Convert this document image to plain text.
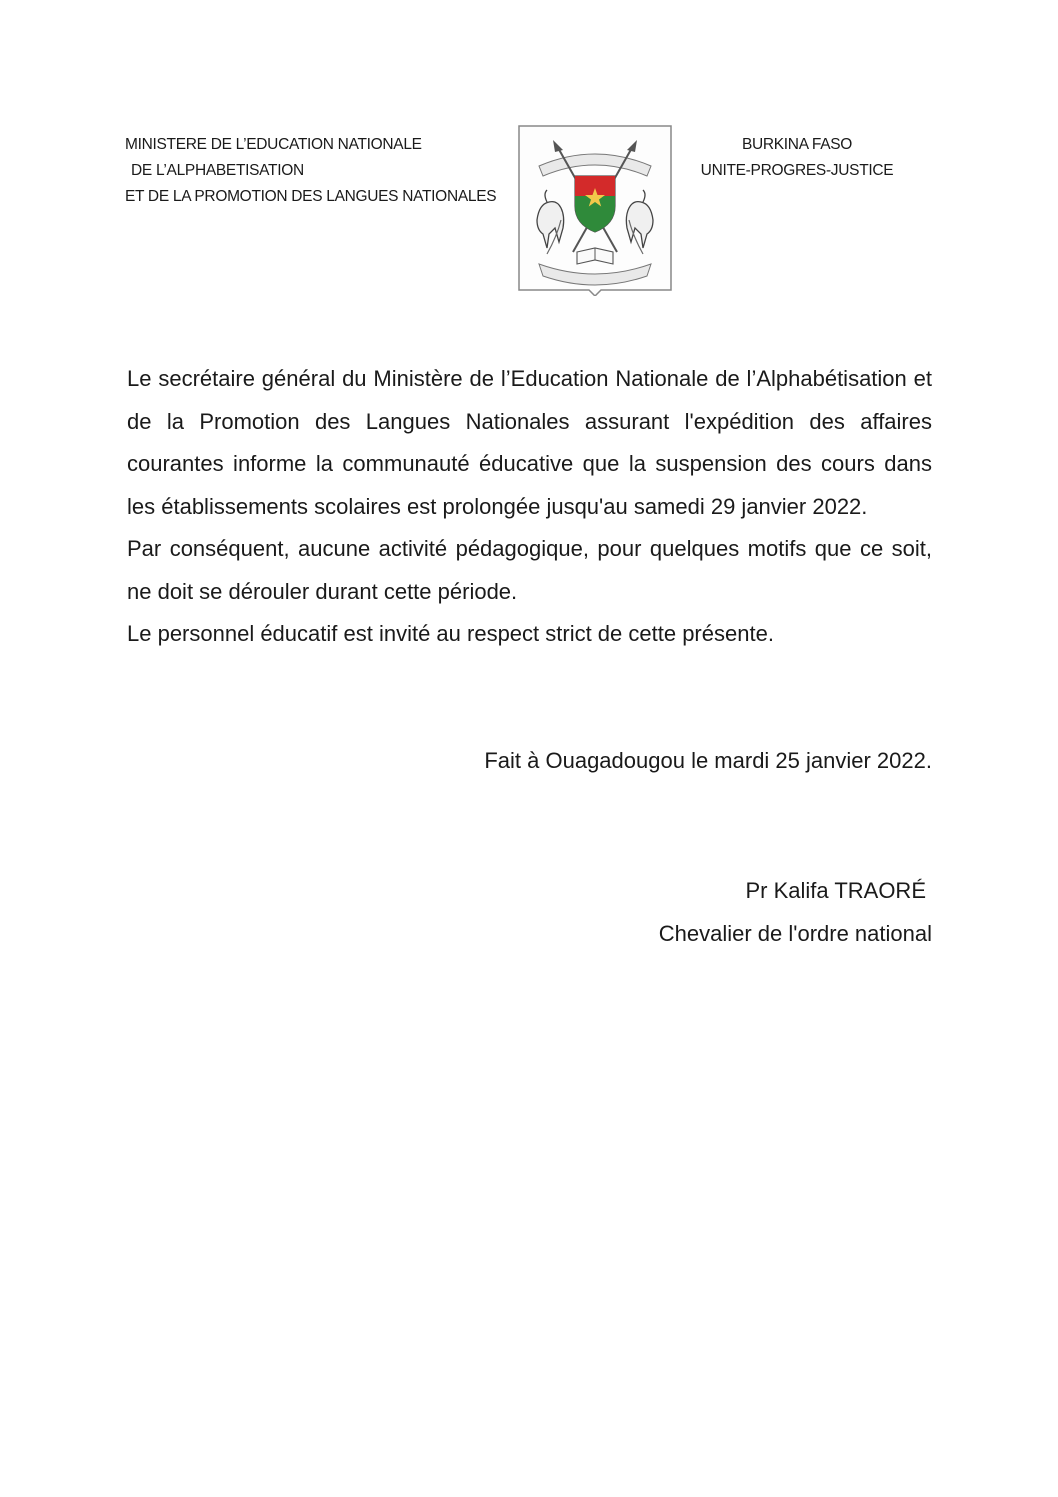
MINISTERE DE L’EDUCATION NATIONALE
DE L’ALPHABETISATION
ET DE LA PROMOTION DES LANGUES NATIONALES
BURKINA FASO
UNITE-PROGRES-JUSTICE

Le secrétaire général du Ministère de l’Education Nationale de l’Alphabétisation et de la Promotion des Langues Nationales assurant l'expédition des affaires courantes informe la communauté éducative que la suspension des cours dans les établissements scolaires est prolongée jusqu'au samedi 29 janvier 2022.

Par conséquent, aucune activité pédagogique, pour quelques motifs que ce soit, ne doit se dérouler durant cette période.

Le personnel éducatif est invité au respect strict de cette présente.

Fait à Ouagadougou le mardi 25 janvier 2022.
Pr Kalifa TRAORÉ
Chevalier de l'ordre national
